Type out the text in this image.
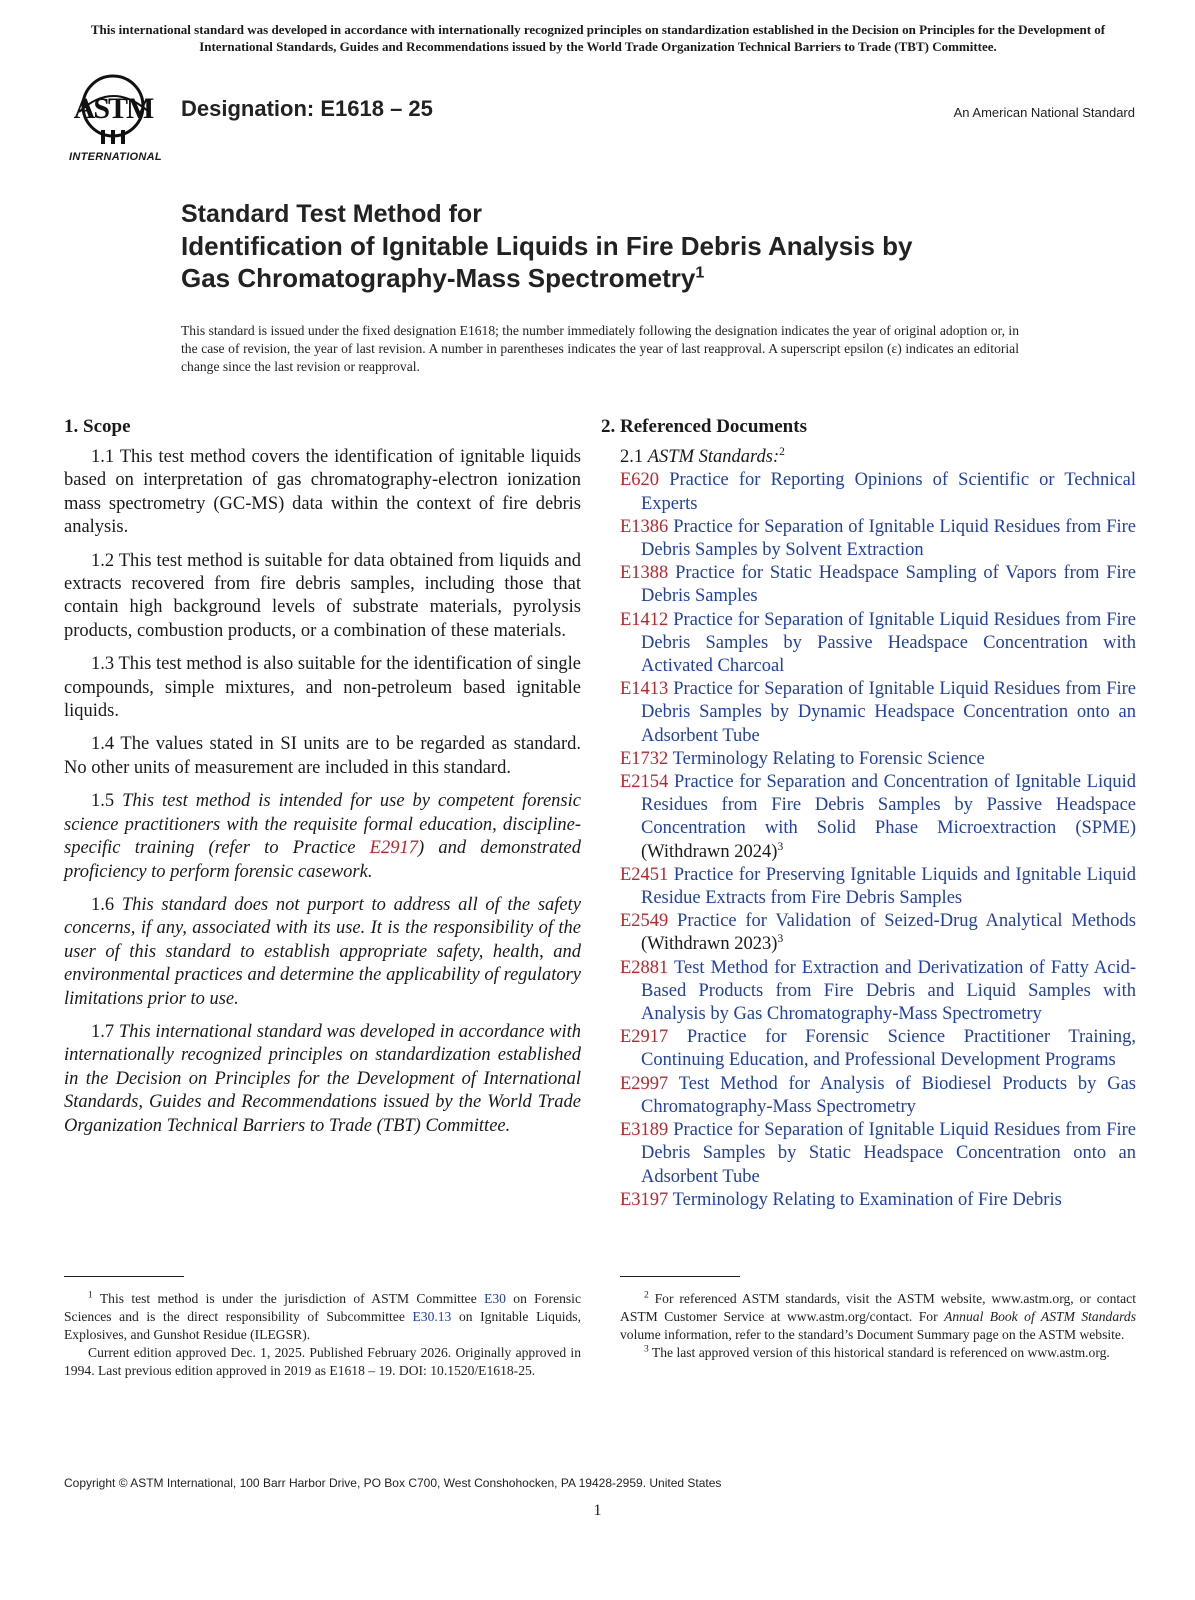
This international standard was developed in accordance with internationally recognized principles on standardization established in the Decision on Principles for the Development of International Standards, Guides and Recommendations issued by the World Trade Organization Technical Barriers to Trade (TBT) Committee.
ASTM
INTERNATIONAL
Designation: E1618 – 25	An American National Standard
Standard Test Method for
Identification of Ignitable Liquids in Fire Debris Analysis by
Gas Chromatography-Mass Spectrometry$^1$
This standard is issued under the fixed designation E1618; the number immediately following the designation indicates the year of original adoption or, in the case of revision, the year of last revision. A number in parentheses indicates the year of last reapproval. A superscript epsilon (ε) indicates an editorial change since the last revision or reapproval.
1. Scope

1.1 This test method covers the identification of ignitable liquids based on interpretation of gas chromatography-electron ionization mass spectrometry (GC-MS) data within the context of fire debris analysis.

1.2 This test method is suitable for data obtained from liquids and extracts recovered from fire debris samples, including those that contain high background levels of substrate materials, pyrolysis products, combustion products, or a combination of these materials.

1.3 This test method is also suitable for the identification of single compounds, simple mixtures, and non-petroleum based ignitable liquids.

1.4 The values stated in SI units are to be regarded as standard. No other units of measurement are included in this standard.

1.5 This test method is intended for use by competent forensic science practitioners with the requisite formal education, discipline-specific training (refer to Practice E2917) and demonstrated proficiency to perform forensic casework.

1.6 This standard does not purport to address all of the safety concerns, if any, associated with its use. It is the responsibility of the user of this standard to establish appropriate safety, health, and environmental practices and determine the applicability of regulatory limitations prior to use.

1.7 This international standard was developed in accordance with internationally recognized principles on standardization established in the Decision on Principles for the Development of International Standards, Guides and Recommendations issued by the World Trade Organization Technical Barriers to Trade (TBT) Committee.

2. Referenced Documents
2.1 ASTM Standards:$^2$
E620 Practice for Reporting Opinions of Scientific or Technical Experts
E1386 Practice for Separation of Ignitable Liquid Residues from Fire Debris Samples by Solvent Extraction
E1388 Practice for Static Headspace Sampling of Vapors from Fire Debris Samples
E1412 Practice for Separation of Ignitable Liquid Residues from Fire Debris Samples by Passive Headspace Concentration with Activated Charcoal
E1413 Practice for Separation of Ignitable Liquid Residues from Fire Debris Samples by Dynamic Headspace Concentration onto an Adsorbent Tube
E1732 Terminology Relating to Forensic Science
E2154 Practice for Separation and Concentration of Ignitable Liquid Residues from Fire Debris Samples by Passive Headspace Concentration with Solid Phase Microextraction (SPME) (Withdrawn 2024)$^3$
E2451 Practice for Preserving Ignitable Liquids and Ignitable Liquid Residue Extracts from Fire Debris Samples
E2549 Practice for Validation of Seized-Drug Analytical Methods (Withdrawn 2023)$^3$
E2881 Test Method for Extraction and Derivatization of Fatty Acid-Based Products from Fire Debris and Liquid Samples with Analysis by Gas Chromatography-Mass Spectrometry
E2917 Practice for Forensic Science Practitioner Training, Continuing Education, and Professional Development Programs
E2997 Test Method for Analysis of Biodiesel Products by Gas Chromatography-Mass Spectrometry
E3189 Practice for Separation of Ignitable Liquid Residues from Fire Debris Samples by Static Headspace Concentration onto an Adsorbent Tube
E3197 Terminology Relating to Examination of Fire Debris

$^1$ This test method is under the jurisdiction of ASTM Committee E30 on Forensic Sciences and is the direct responsibility of Subcommittee E30.13 on Ignitable Liquids, Explosives, and Gunshot Residue (ILEGSR).

Current edition approved Dec. 1, 2025. Published February 2026. Originally approved in 1994. Last previous edition approved in 2019 as E1618 – 19. DOI: 10.1520/E1618-25.

$^2$ For referenced ASTM standards, visit the ASTM website, www.astm.org, or contact ASTM Customer Service at www.astm.org/contact. For Annual Book of ASTM Standards volume information, refer to the standard’s Document Summary page on the ASTM website.

$^3$ The last approved version of this historical standard is referenced on www.astm.org.

Copyright © ASTM International, 100 Barr Harbor Drive, PO Box C700, West Conshohocken, PA 19428-2959. United States
1
